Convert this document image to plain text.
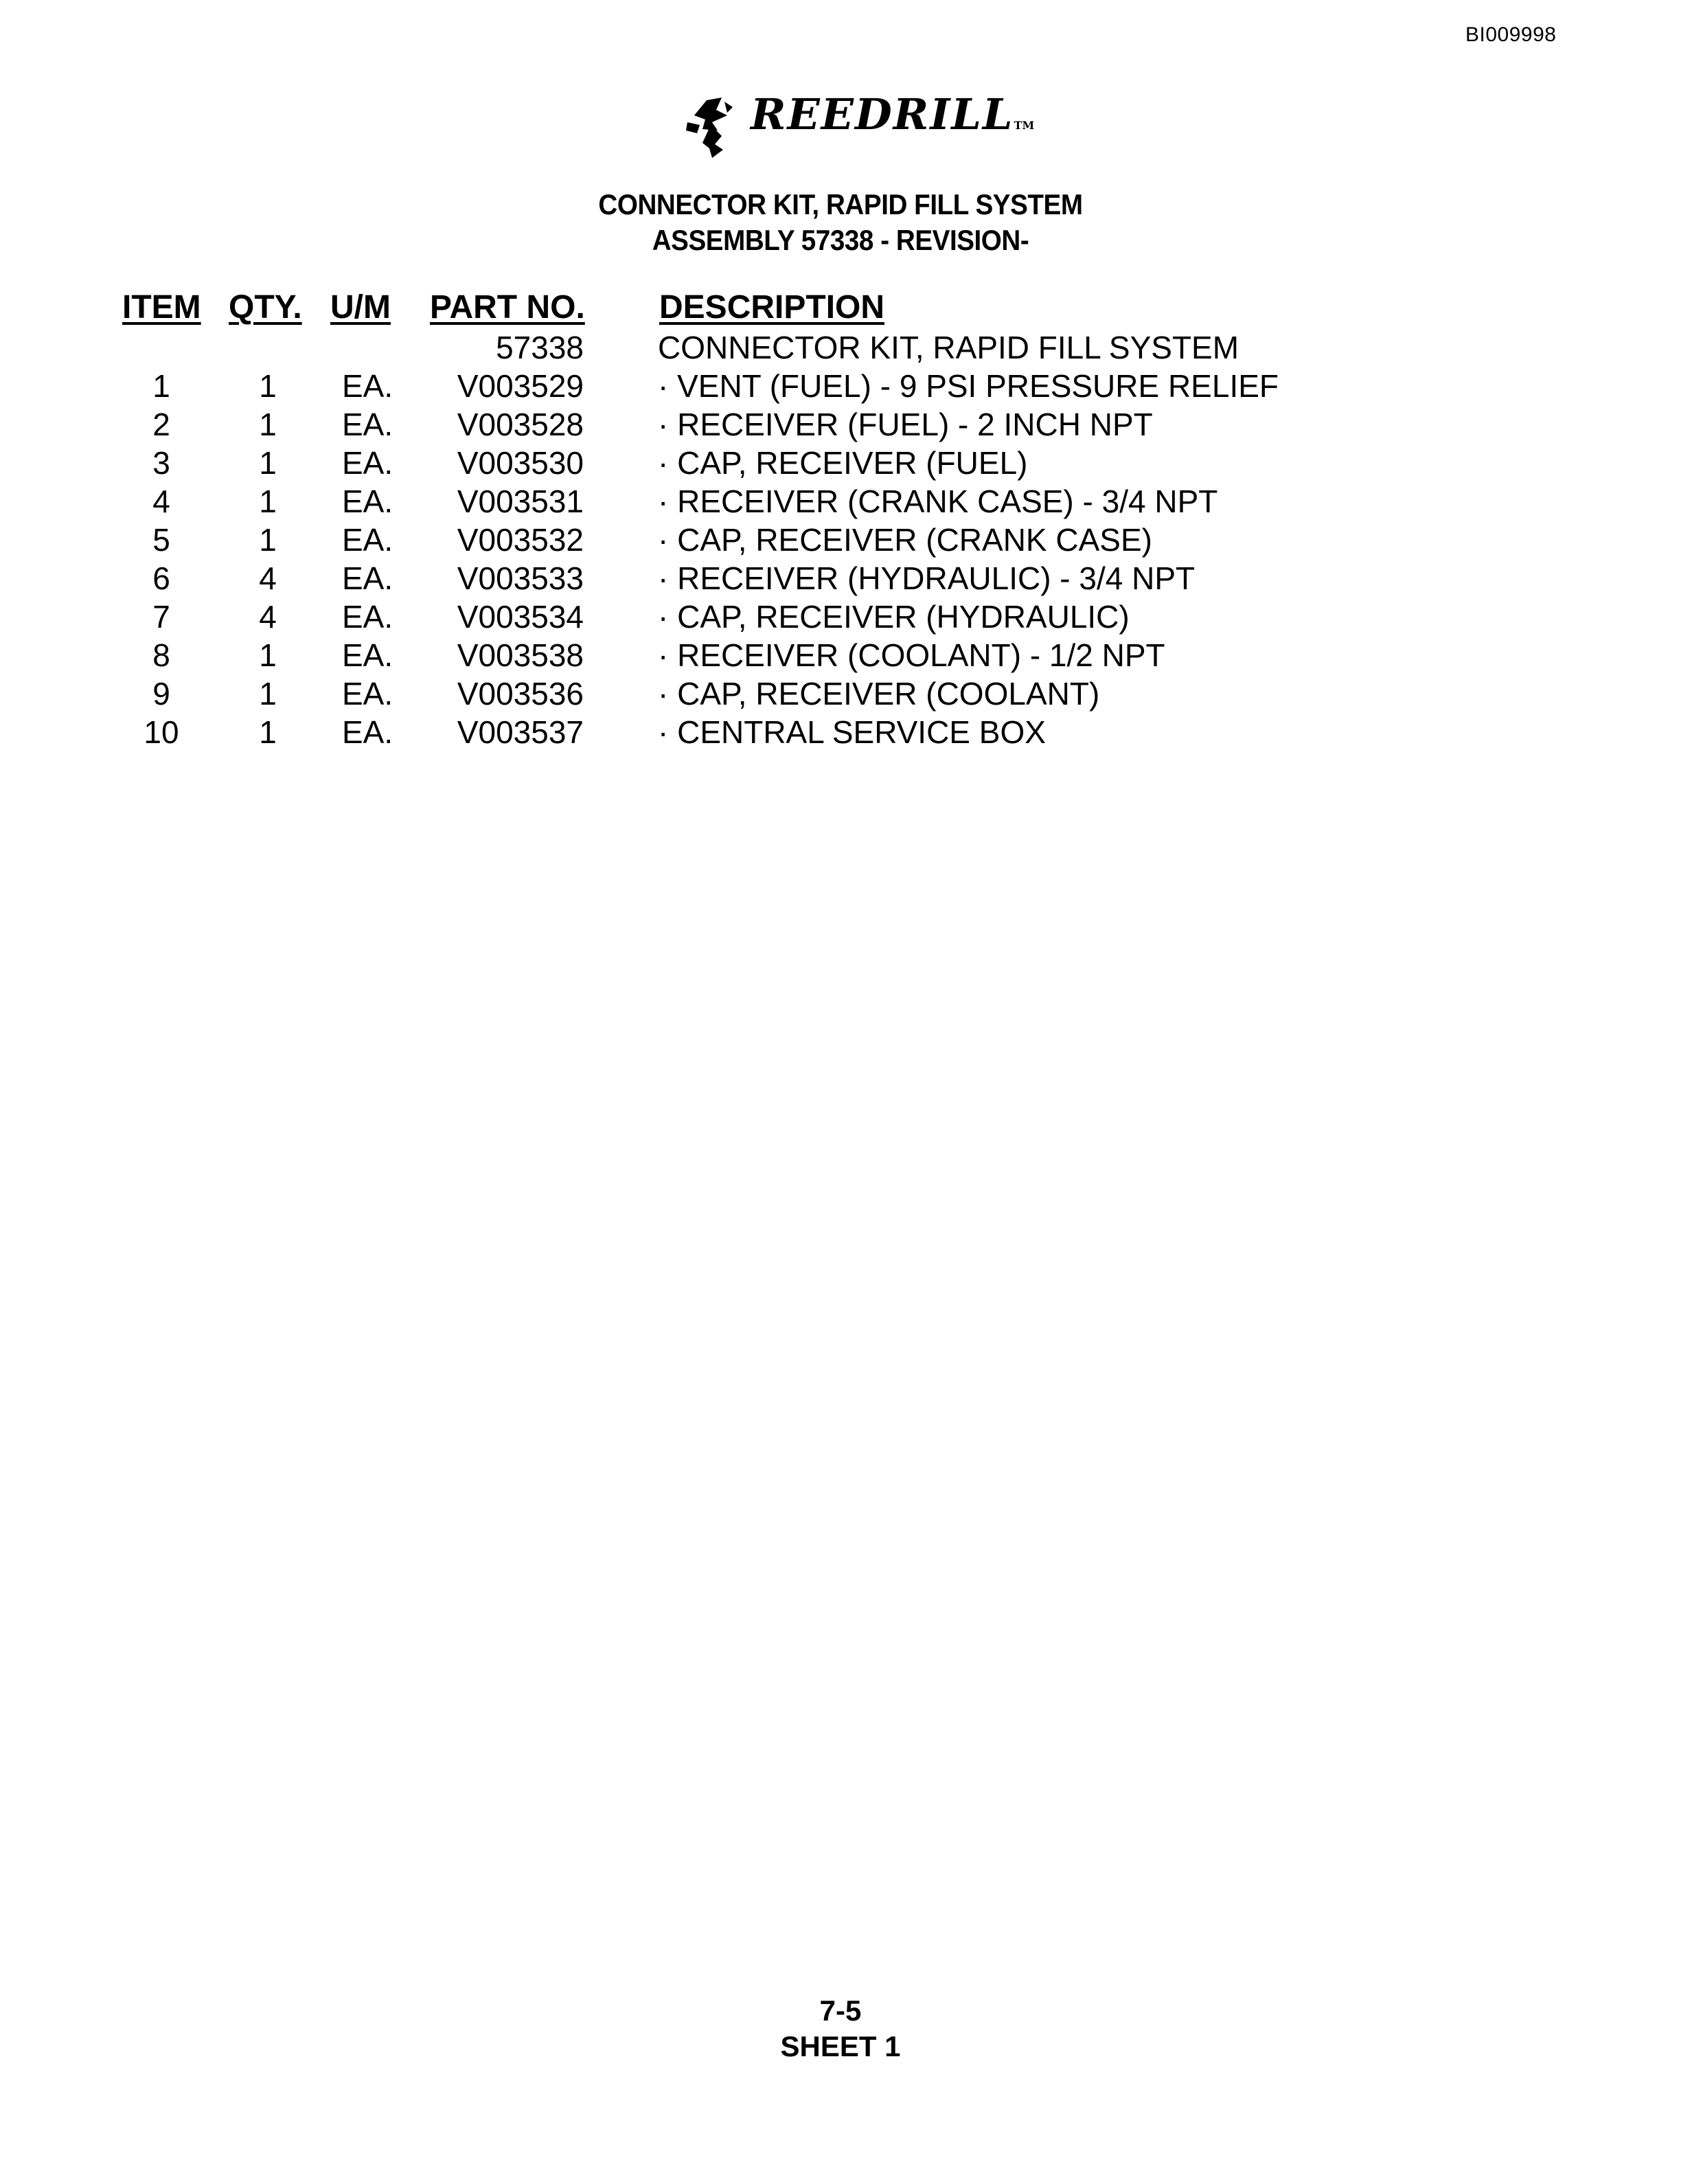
BI009998
REEDRILLTM
CONNECTOR KIT, RAPID FILL SYSTEM
ASSEMBLY 57338 - REVISION-
ITEM QTY. U/M PART NO. DESCRIPTION
57338 CONNECTOR KIT, RAPID FILL SYSTEM
1	1	EA.	V003529 · VENT (FUEL) - 9 PSI PRESSURE RELIEF
2	1	EA.	V003528 · RECEIVER (FUEL) - 2 INCH NPT
3	1	EA.	V003530 · CAP, RECEIVER (FUEL)
4	1	EA.	V003531 · RECEIVER (CRANK CASE) - 3/4 NPT
5	1	EA.	V003532 · CAP, RECEIVER (CRANK CASE)
6	4	EA.	V003533 · RECEIVER (HYDRAULIC) - 3/4 NPT
7	4	EA.	V003534 · CAP, RECEIVER (HYDRAULIC)
8	1	EA.	V003538 · RECEIVER (COOLANT) - 1/2 NPT
9	1	EA.	V003536 · CAP, RECEIVER (COOLANT)
10	1	EA.	V003537 · CENTRAL SERVICE BOX
7-5
SHEET 1
